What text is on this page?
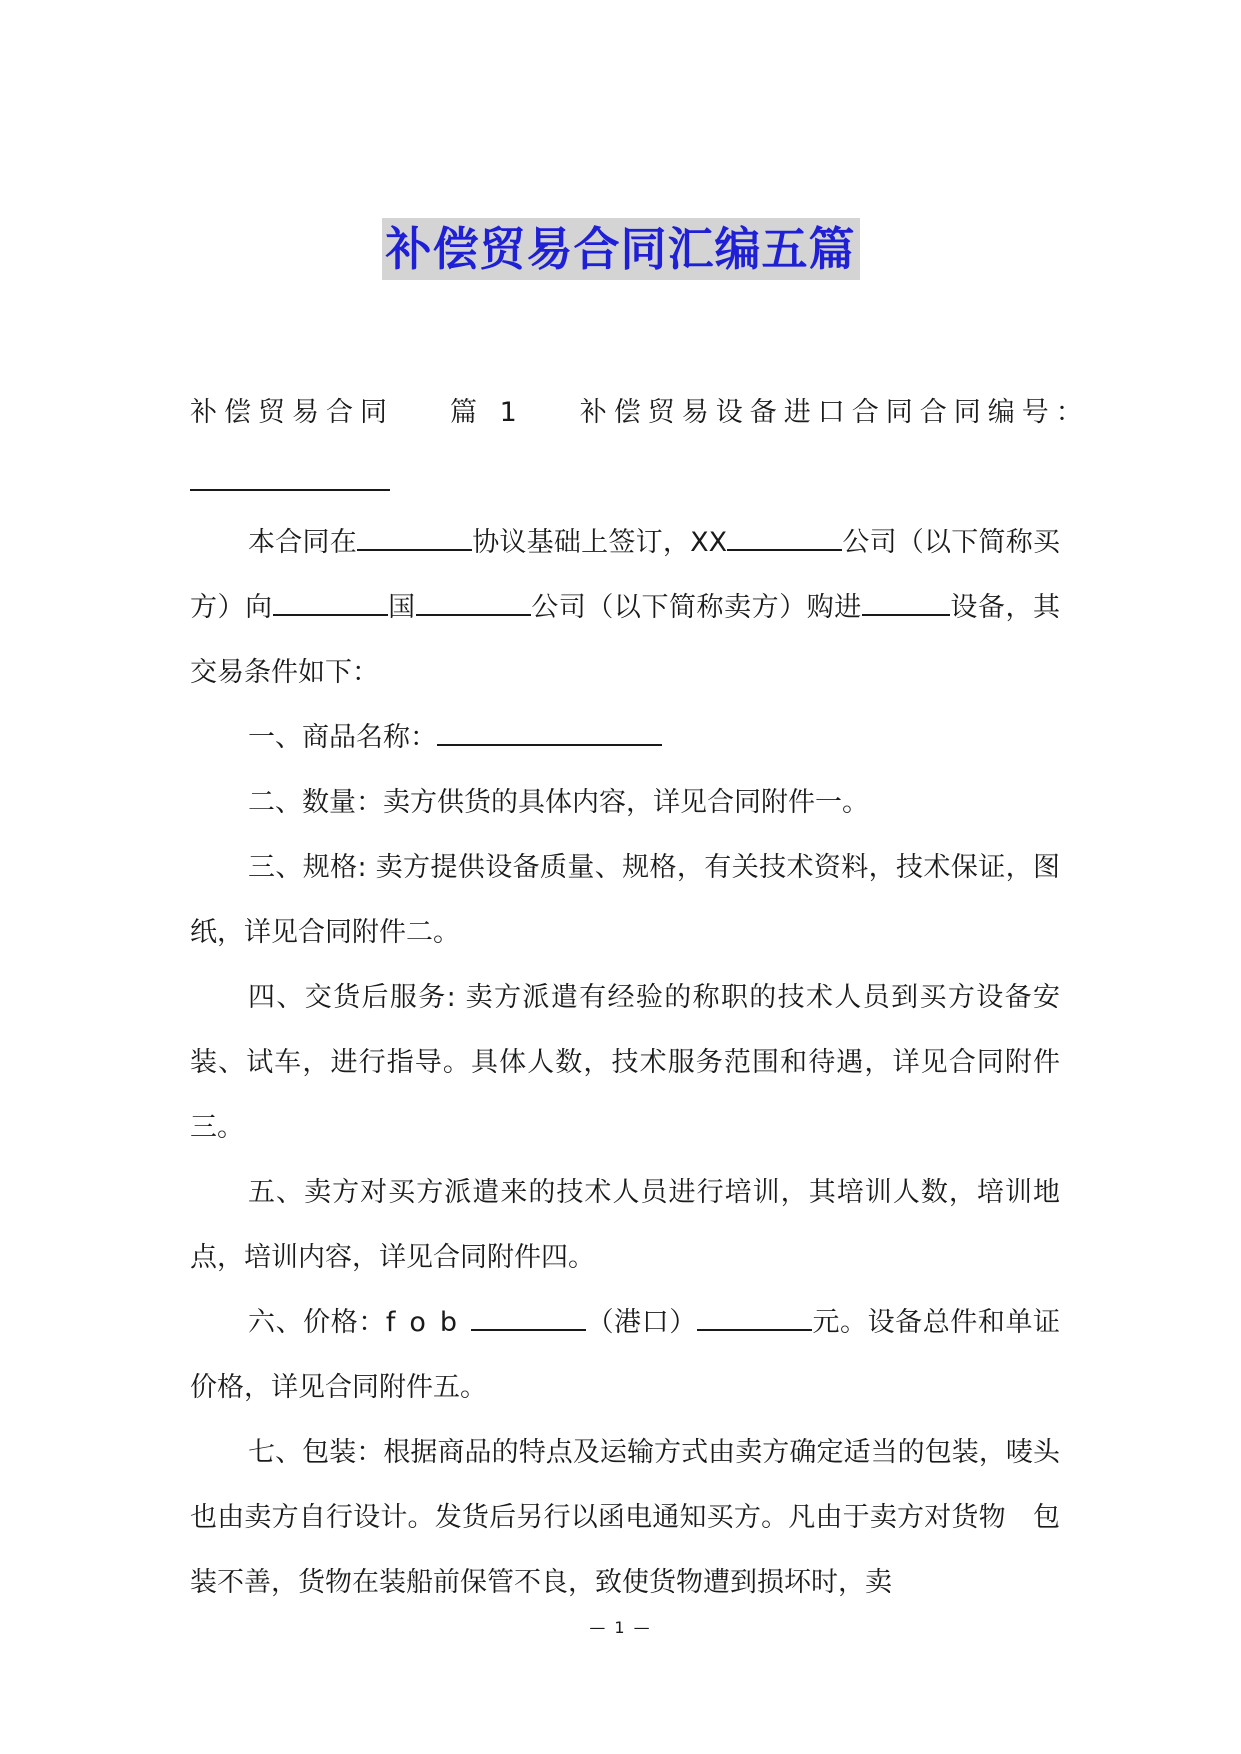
补偿贸易合同汇编五篇
补偿贸易合同 篇 1 补偿贸易设备进口合同合同编号：
本合同在	协议基础上签订，XX	公司（以下简称买方）向	国	公司（以下简称卖方）购进	设备，其交易条件如下：
一、商品名称：
二、数量：卖方供货的具体内容，详见合同附件一。
三、规格: 卖方提供设备质量、规格，有关技术资料，技术保证，图纸，详见合同附件二。
四、交货后服务: 卖方派遣有经验的称职的技术人员到买方设备安装、试车，进行指导。具体人数，技术服务范围和待遇，详见合同附件　三。
五、卖方对买方派遣来的技术人员进行培训，其培训人数，培训地点，培训内容，详见合同附件四。
六、价格：fob	（港口）	元。设备总件和单证价格，详见合同附件五。
七、包装：根据商品的特点及运输方式由卖方确定适当的包装，唛头也由卖方自行设计。发货后另行以函电通知买方。凡由于卖方对货物　包装不善，货物在装船前保管不良，致使货物遭到损坏时，卖
— 1 —
